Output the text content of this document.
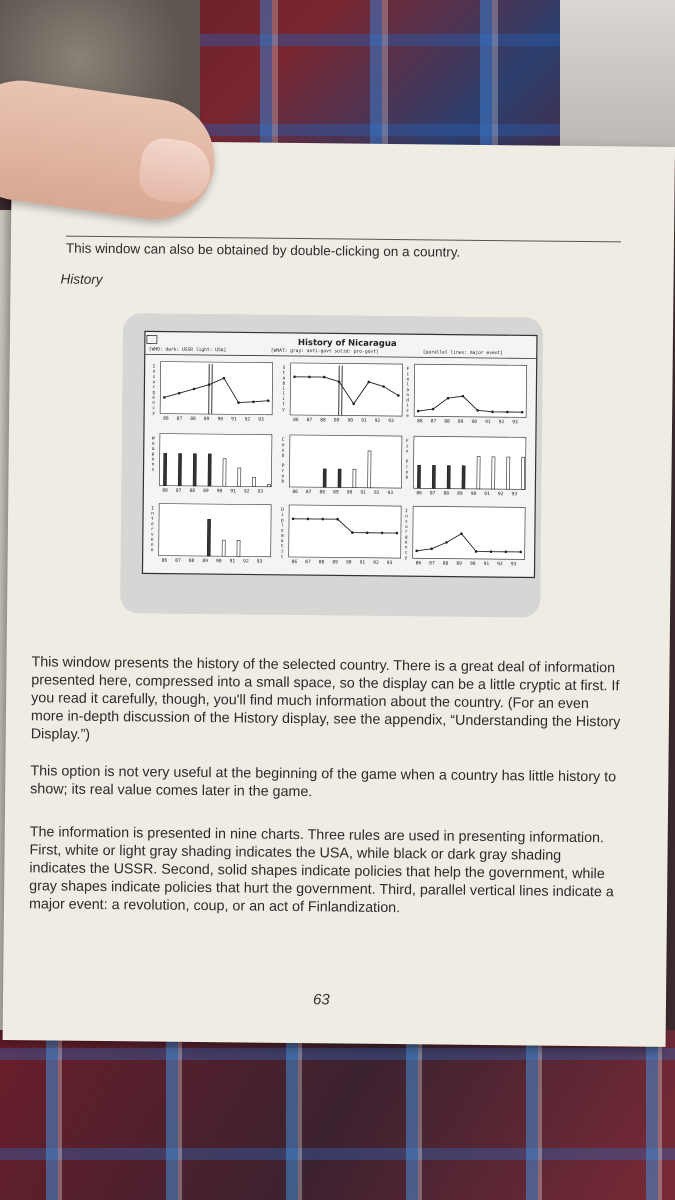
This window can also be obtained by double-clicking on a country.
History
History of Nicaragua
[WHO: dark: USSR light: USA]	[WHAT: gray: anti-govt solid: pro-govt]	[parallel lines: major event]
I
n
s
u
r
g
e
n
c
y
86 87 88 89 90 91 92 93
S
t
a
b
i
l
i
t
y
86 87 88 89 90 91 92 93
F
i
n
l
a
n
d
i
z
e
86 87 88 89 90 91 92 93
W
e
a
p
o
n
s
86 87 88 89 90 91 92 93
C
o
u
p
P
r
o
b
86 87 88 89 90 91 92 93
F
i
n
P
r
o
b
86 87 88 89 90 91 92 93
I
n
t
e
r
v
e
n
e
86 87 88 89 90 91 92 93
D
i
p
l
o
m
a
t
i
c
86 87 88 89 90 91 92 93
I
n
s
u
r
g
e
n
c
y
86 87 88 89 90 91 92 93
This window presents the history of the selected country. There is a great deal of information presented here, compressed into a small space, so the display can be a little cryptic at first. If you read it carefully, though, you'll find much information about the country. (For an even more in-depth discussion of the History display, see the appendix, “Understanding the History Display.”)
This option is not very useful at the beginning of the game when a country has little history to show; its real value comes later in the game.
The information is presented in nine charts. Three rules are used in presenting information. First, white or light gray shading indicates the USA, while black or dark gray shading indicates the USSR. Second, solid shapes indicate policies that help the government, while gray shapes indicate policies that hurt the government. Third, parallel vertical lines indicate a major event: a revolution, coup, or an act of Finlandization.
63
